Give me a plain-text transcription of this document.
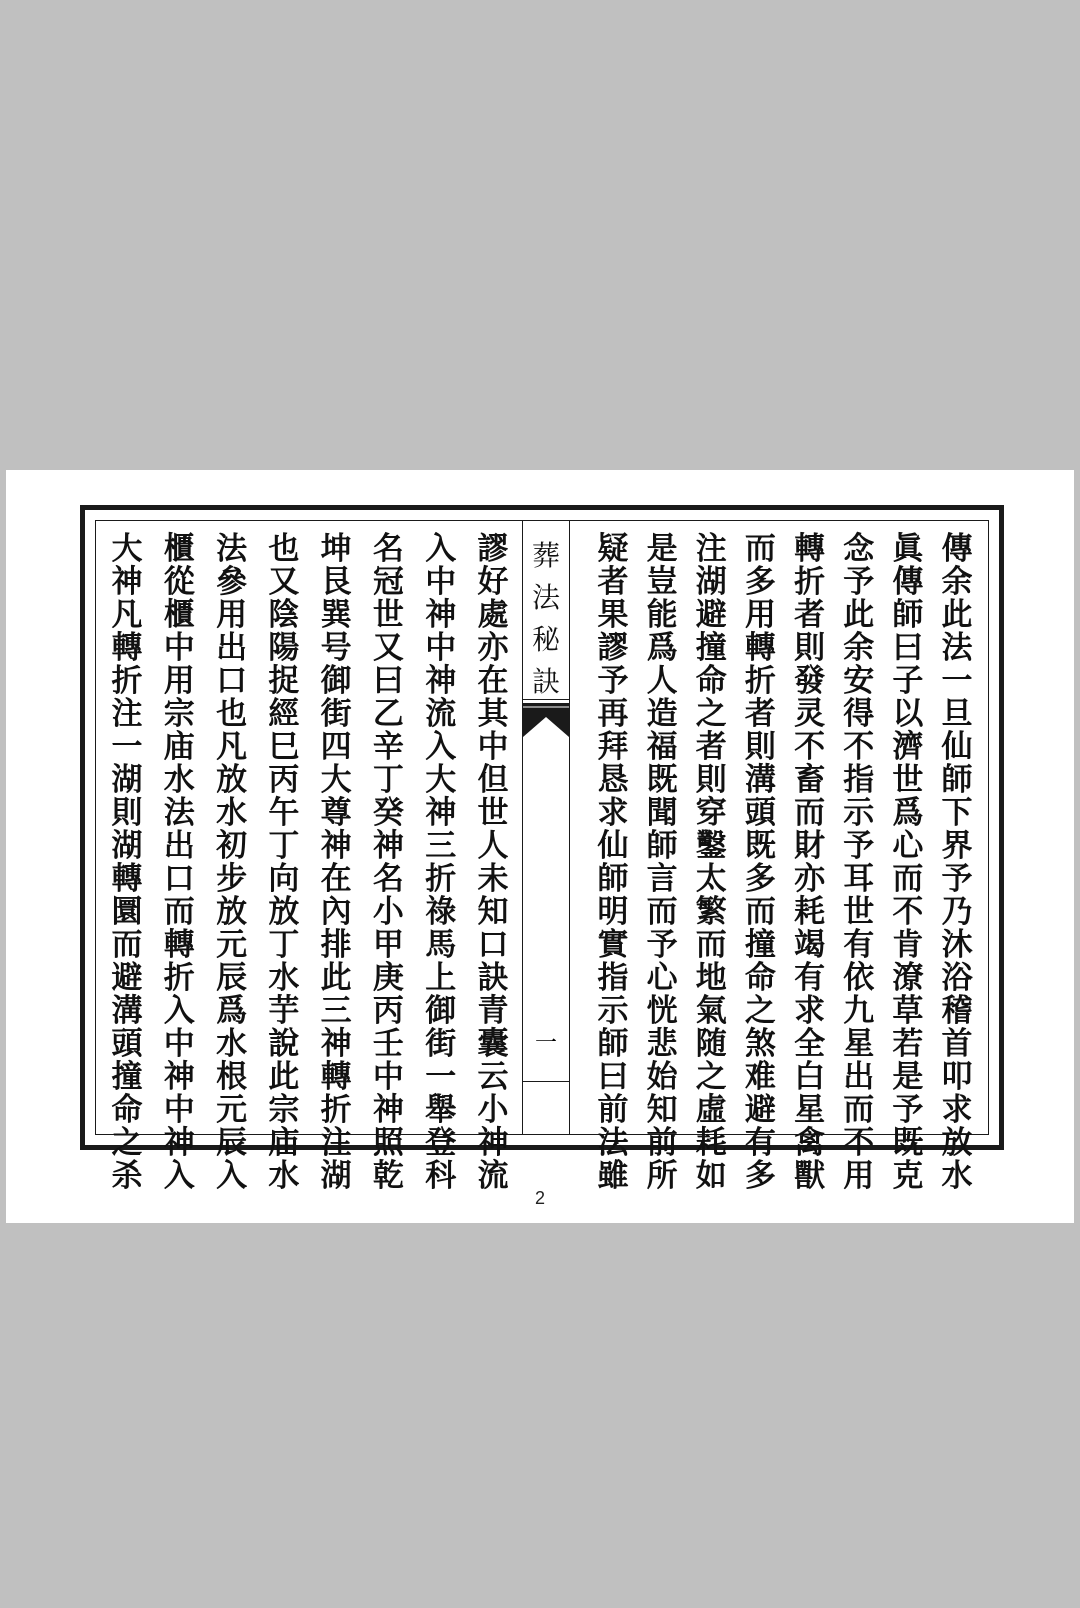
傳
余
此
法
一
旦
仙
師
下
界
予
乃
沐
浴
稽
首
叩
求
放
水
眞
傳
師
曰
子
以
濟
世
爲
心
而
不
肯
潦
草
若
是
予
既
克
念
予
此
余
安
得
不
指
示
予
耳
世
有
依
九
星
出
而
不
用
轉
折
者
則
發
灵
不
畜
而
財
亦
耗
竭
有
求
全
白
星
禽
獸
而
多
用
轉
折
者
則
溝
頭
既
多
而
撞
命
之
煞
难
避
有
多
注
湖
避
撞
命
之
者
則
穿
鑿
太
繁
而
地
氣
随
之
虛
耗
如
是
豈
能
爲
人
造
福
既
聞
師
言
而
予
心
恍
悲
始
知
前
所
疑
者
果
謬
予
再
拜
恳
求
仙
師
明
實
指
示
師
曰
前
法
雖
葬
法
秘
訣
一
謬
好
處
亦
在
其
中
但
世
人
未
知
口
訣
青
囊
云
小
神
流
入
中
神
中
神
流
入
大
神
三
折
祿
馬
上
御
街
一
舉
登
科
名
冠
世
又
曰
乙
辛
丁
癸
神
名
小
甲
庚
丙
壬
中
神
照
乾
坤
艮
巽
号
御
街
四
大
尊
神
在
內
排
此
三
神
轉
折
注
湖
也
又
陰
陽
捉
經
巳
丙
午
丁
向
放
丁
水
芋
說
此
宗
庙
水
法
參
用
出
口
也
凡
放
水
初
步
放
元
辰
爲
水
根
元
辰
入
櫃
從
櫃
中
用
宗
庙
水
法
出
口
而
轉
折
入
中
神
中
神
入
大
神
凡
轉
折
注
一
湖
則
湖
轉
圜
而
避
溝
頭
撞
命
之
杀
2
